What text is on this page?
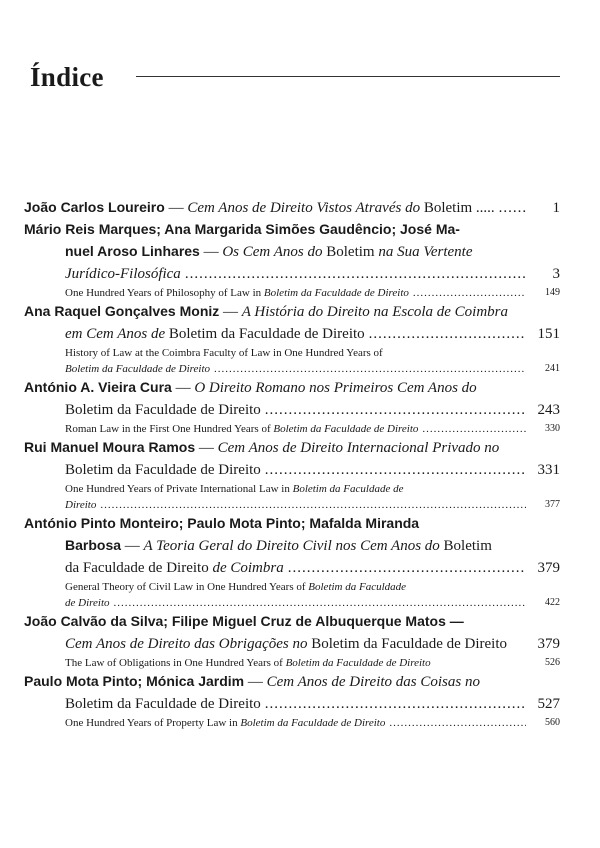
Índice
João Carlos Loureiro — Cem Anos de Direito Vistos Através do Boletim ..... .....	1
Mário Reis Marques; Ana Margarida Simões Gaudêncio; José Ma-
nuel Aroso Linhares — Os Cem Anos do Boletim na Sua Vertente
Jurídico-Filosófica .....	3
One Hundred Years of Philosophy of Law in Boletim da Faculdade de Direito .....	149
Ana Raquel Gonçalves Moniz — A História do Direito na Escola de Coimbra
em Cem Anos de Boletim da Faculdade de Direito .....	151
History of Law at the Coimbra Faculty of Law in One Hundred Years of
Boletim da Faculdade de Direito .....	241
António A. Vieira Cura — O Direito Romano nos Primeiros Cem Anos do
Boletim da Faculdade de Direito .....	243
Roman Law in the First One Hundred Years of Boletim da Faculdade de Direito .....	330
Rui Manuel Moura Ramos — Cem Anos de Direito Internacional Privado no
Boletim da Faculdade de Direito .....	331
One Hundred Years of Private International Law in Boletim da Faculdade de
Direito .....	377
António Pinto Monteiro; Paulo Mota Pinto; Mafalda Miranda
Barbosa — A Teoria Geral do Direito Civil nos Cem Anos do Boletim
da Faculdade de Direito de Coimbra .....	379
General Theory of Civil Law in One Hundred Years of Boletim da Faculdade
de Direito .....	422
João Calvão da Silva; Filipe Miguel Cruz de Albuquerque Matos —
Cem Anos de Direito das Obrigações no Boletim da Faculdade de Direito	379
The Law of Obligations in One Hundred Years of Boletim da Faculdade de Direito	526
Paulo Mota Pinto; Mónica Jardim — Cem Anos de Direito das Coisas no
Boletim da Faculdade de Direito .....	527
One Hundred Years of Property Law in Boletim da Faculdade de Direito .....	560
